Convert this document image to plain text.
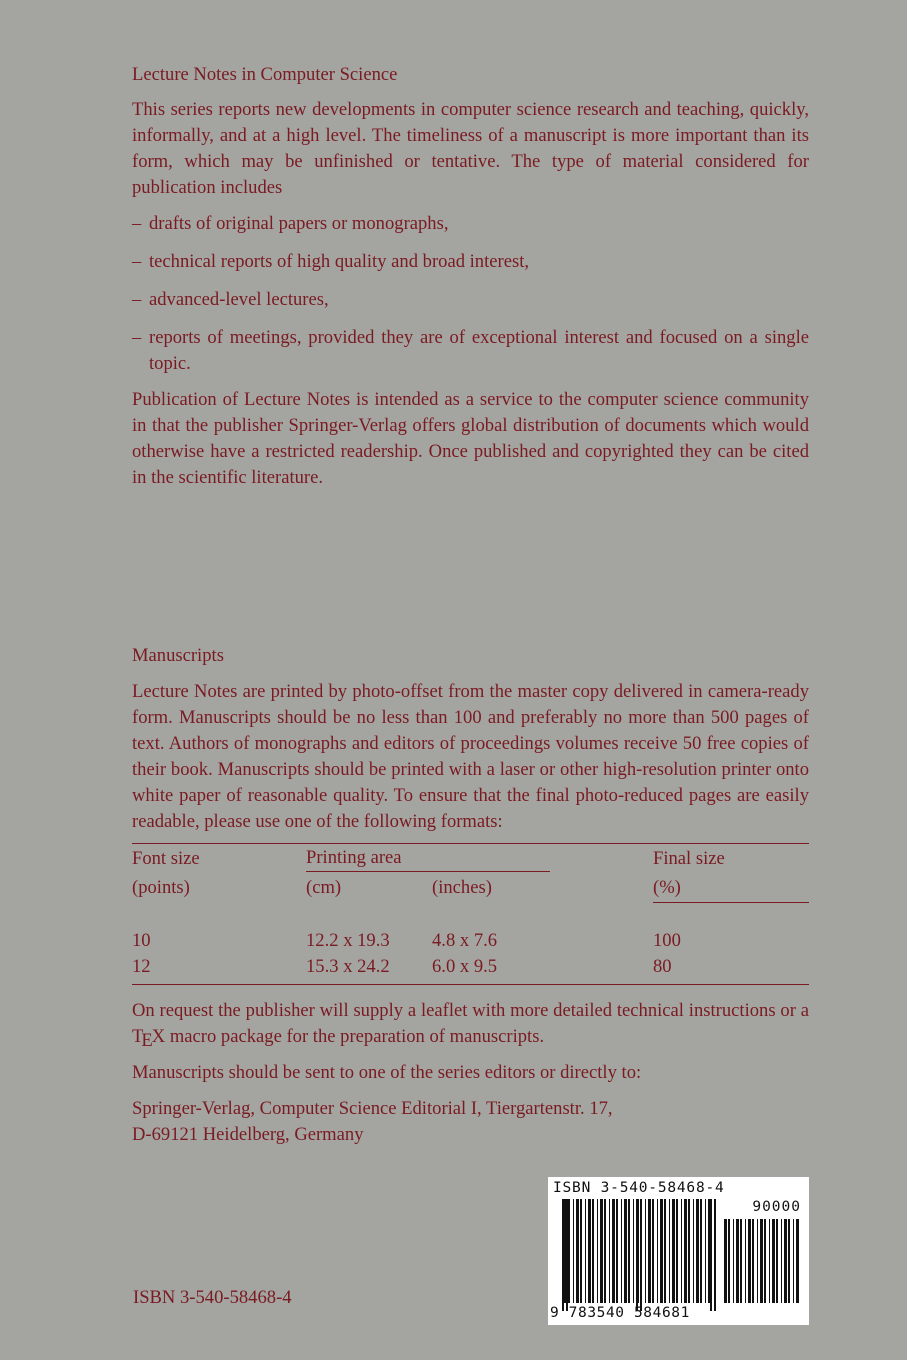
Lecture Notes in Computer Science

This series reports new developments in computer science research and teaching, quickly, informally, and at a high level. The timeliness of a manuscript is more important than its form, which may be unfinished or tentative. The type of material considered for publication includes

– drafts of original papers or monographs,
– technical reports of high quality and broad interest,
– advanced-level lectures,
– reports of meetings, provided they are of exceptional interest and focused on a single topic.

Publication of Lecture Notes is intended as a service to the computer science community in that the publisher Springer-Verlag offers global distribution of documents which would otherwise have a restricted readership. Once published and copyrighted they can be cited in the scientific literature.

Manuscripts

Lecture Notes are printed by photo-offset from the master copy delivered in camera-ready form. Manuscripts should be no less than 100 and preferably no more than 500 pages of text. Authors of monographs and editors of proceedings volumes receive 50 free copies of their book. Manuscripts should be printed with a laser or other high-resolution printer onto white paper of reasonable quality. To ensure that the final photo-reduced pages are easily readable, please use one of the following formats:

Font size	Printing area		Final size
(points)	(cm)	(inches)	(%)

10	12.2 x 19.3	4.8 x 7.6	100
12	15.3 x 24.2	6.0 x 9.5	80

On request the publisher will supply a leaflet with more detailed technical instructions or a TEX macro package for the preparation of manuscripts.

Manuscripts should be sent to one of the series editors or directly to:

Springer-Verlag, Computer Science Editorial I, Tiergartenstr. 17,

D-69121 Heidelberg, Germany

ISBN 3-540-58468-4
ISBN 3-540-58468-4
90000
9 783540 584681
